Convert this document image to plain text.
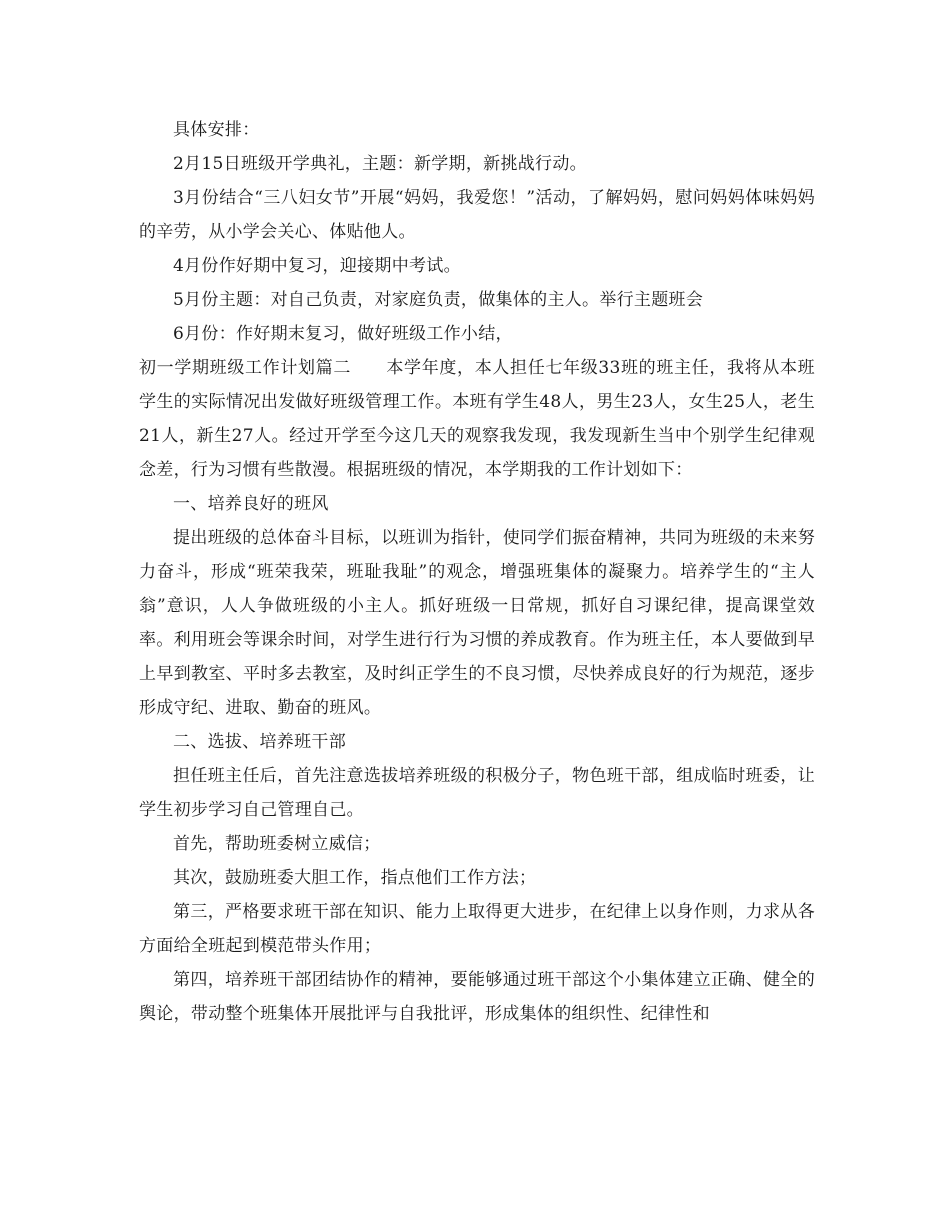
具体安排：

2月15日班级开学典礼，主题：新学期，新挑战行动。

3月份结合“三八妇女节”开展“妈妈，我爱您！”活动，了解妈妈，慰问妈妈体味妈妈的辛劳，从小学会关心、体贴他人。

4月份作好期中复习，迎接期中考试。

5月份主题：对自己负责，对家庭负责，做集体的主人。举行主题班会

6月份：作好期末复习，做好班级工作小结，

初一学期班级工作计划篇二　　本学年度，本人担任七年级33班的班主任，我将从本班学生的实际情况出发做好班级管理工作。本班有学生48人，男生23人，女生25人，老生21人，新生27人。经过开学至今这几天的观察我发现，我发现新生当中个别学生纪律观念差，行为习惯有些散漫。根据班级的情况，本学期我的工作计划如下：

一、培养良好的班风

提出班级的总体奋斗目标，以班训为指针，使同学们振奋精神，共同为班级的未来努力奋斗，形成“班荣我荣，班耻我耻”的观念，增强班集体的凝聚力。培养学生的“主人翁”意识，人人争做班级的小主人。抓好班级一日常规，抓好自习课纪律，提高课堂效率。利用班会等课余时间，对学生进行行为习惯的养成教育。作为班主任，本人要做到早上早到教室、平时多去教室，及时纠正学生的不良习惯，尽快养成良好的行为规范，逐步形成守纪、进取、勤奋的班风。

二、选拔、培养班干部

担任班主任后，首先注意选拔培养班级的积极分子，物色班干部，组成临时班委，让学生初步学习自己管理自己。

首先，帮助班委树立威信；

其次，鼓励班委大胆工作，指点他们工作方法；

第三，严格要求班干部在知识、能力上取得更大进步，在纪律上以身作则，力求从各方面给全班起到模范带头作用；

第四，培养班干部团结协作的精神，要能够通过班干部这个小集体建立正确、健全的舆论，带动整个班集体开展批评与自我批评，形成集体的组织性、纪律性和
